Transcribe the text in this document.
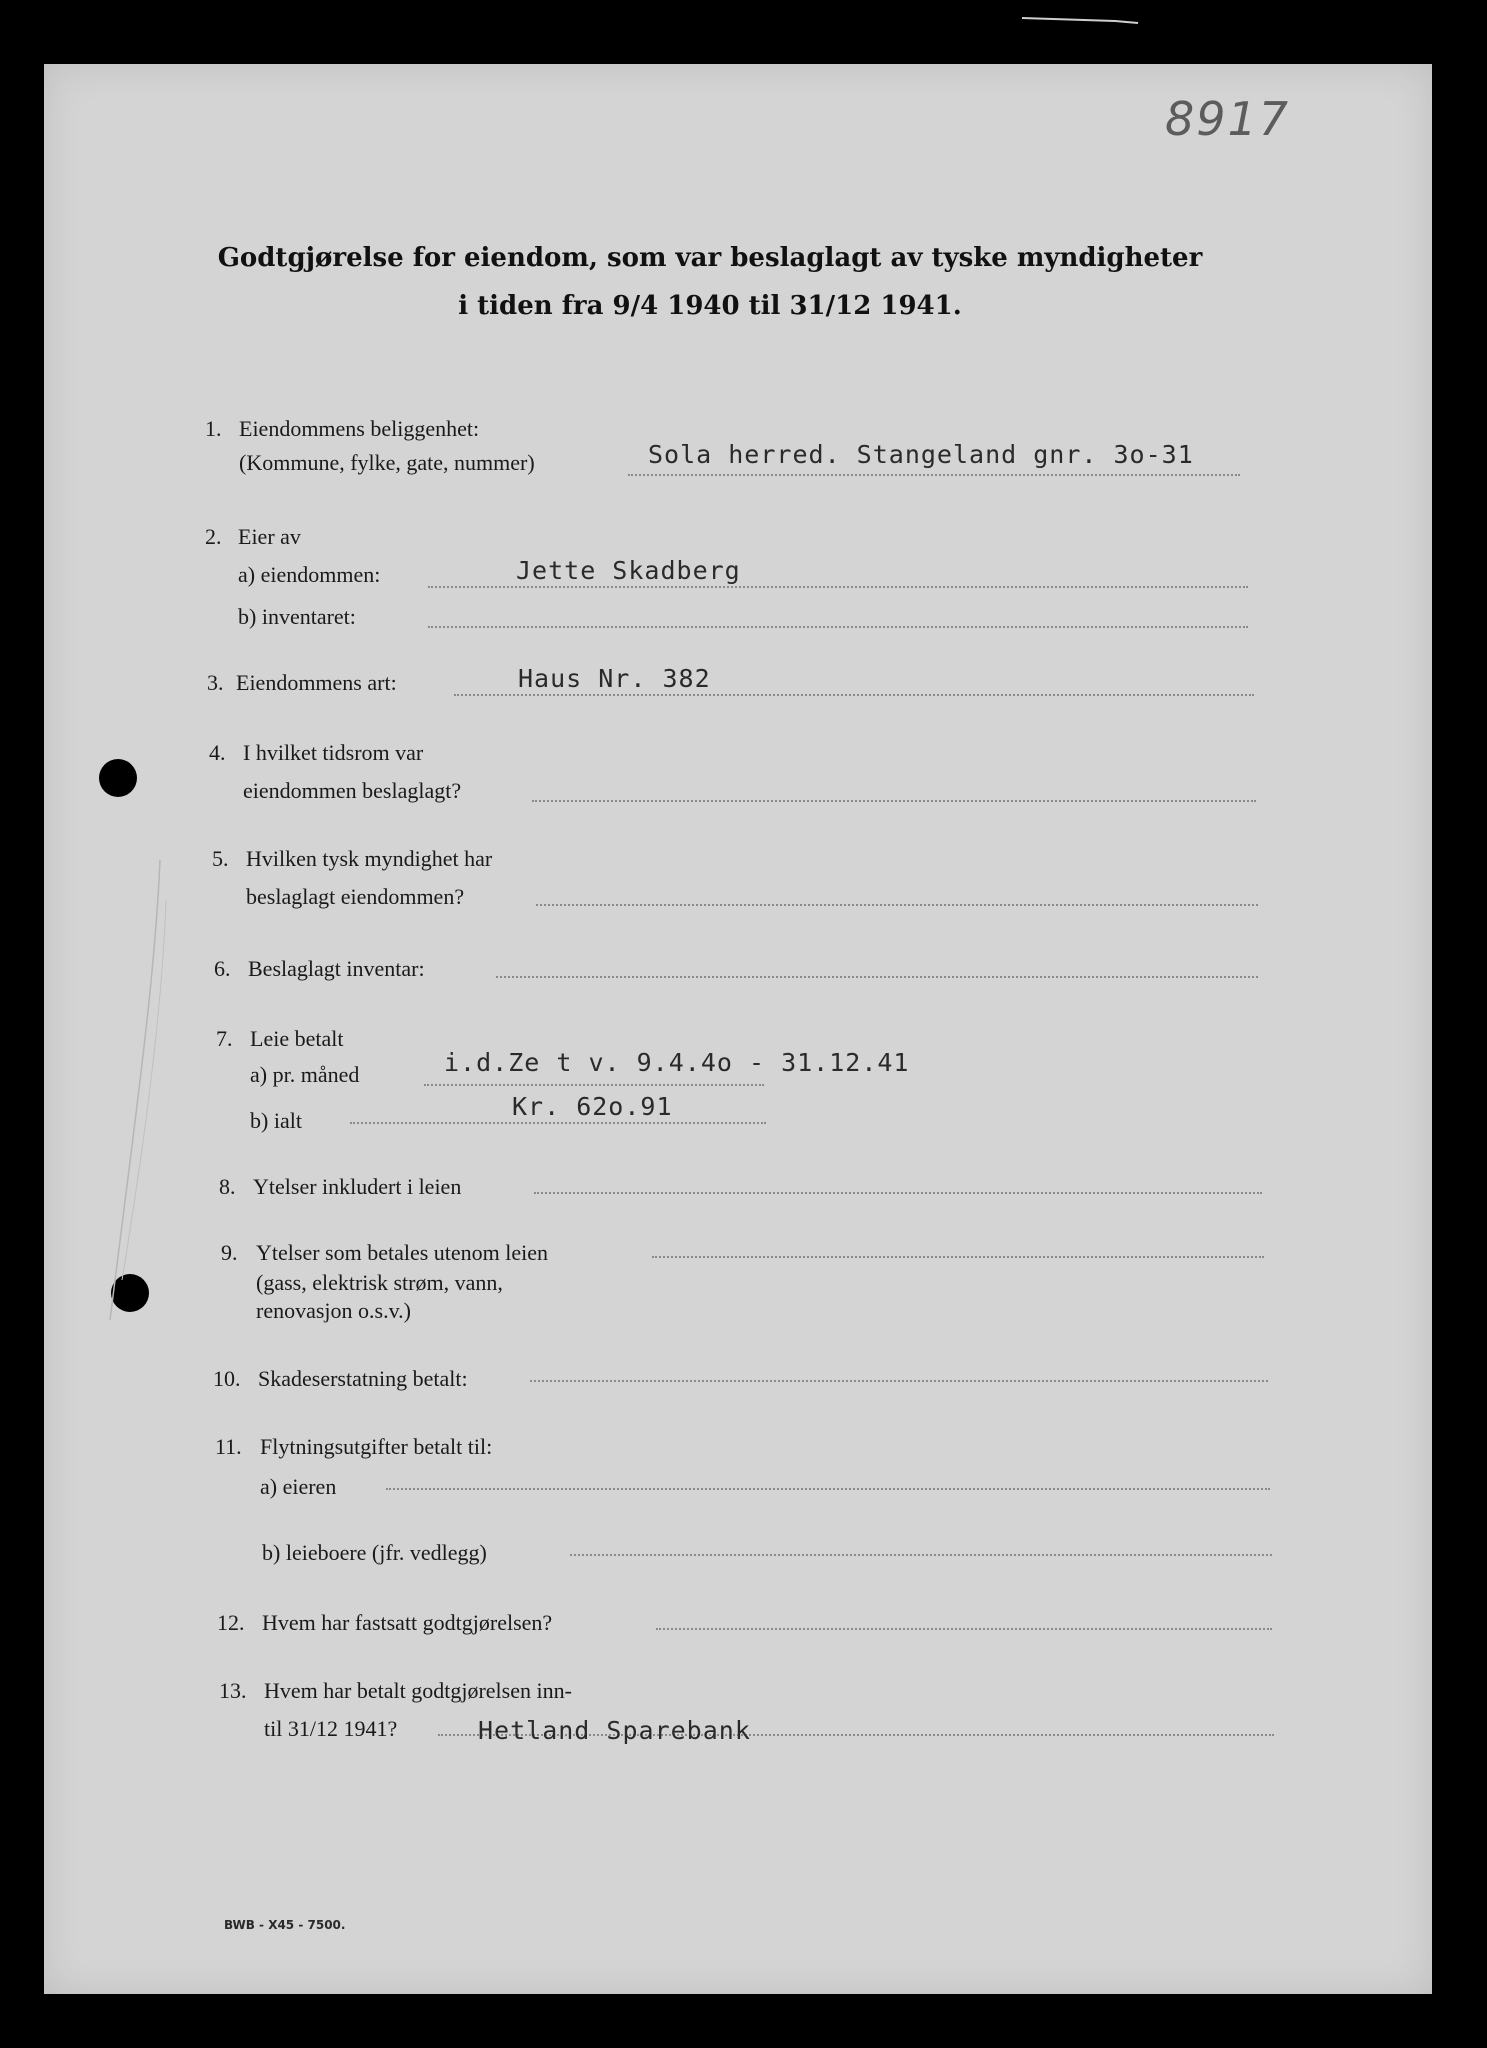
8917
Godtgjørelse for eiendom, som var beslaglagt av tyske myndigheter
i tiden fra 9/4 1940 til 31/12 1941.
1. Eiendommens beliggenhet:
(Kommune, fylke, gate, nummer)	Sola herred. Stangeland gnr. 3o-31
2. Eier av
a) eiendommen:	Jette Skadberg
b) inventaret:
3. Eiendommens art:	Haus Nr. 382
4. I hvilket tidsrom var
eiendommen beslaglagt?
5. Hvilken tysk myndighet har
beslaglagt eiendommen?
6. Beslaglagt inventar:
7. Leie betalt
a) pr. måned	i.d.Ze t v. 9.4.4o - 31.12.41
b) ialt	Kr. 62o.91
8. Ytelser inkludert i leien
9. Ytelser som betales utenom leien
(gass, elektrisk strøm, vann,
renovasjon o.s.v.)
10. Skadeserstatning betalt:
11. Flytningsutgifter betalt til:
a) eieren
b) leieboere (jfr. vedlegg)
12. Hvem har fastsatt godtgjørelsen?
13. Hvem har betalt godtgjørelsen inn-
til 31/12 1941?	Hetland Sparebank
BWB - X45 - 7500.
